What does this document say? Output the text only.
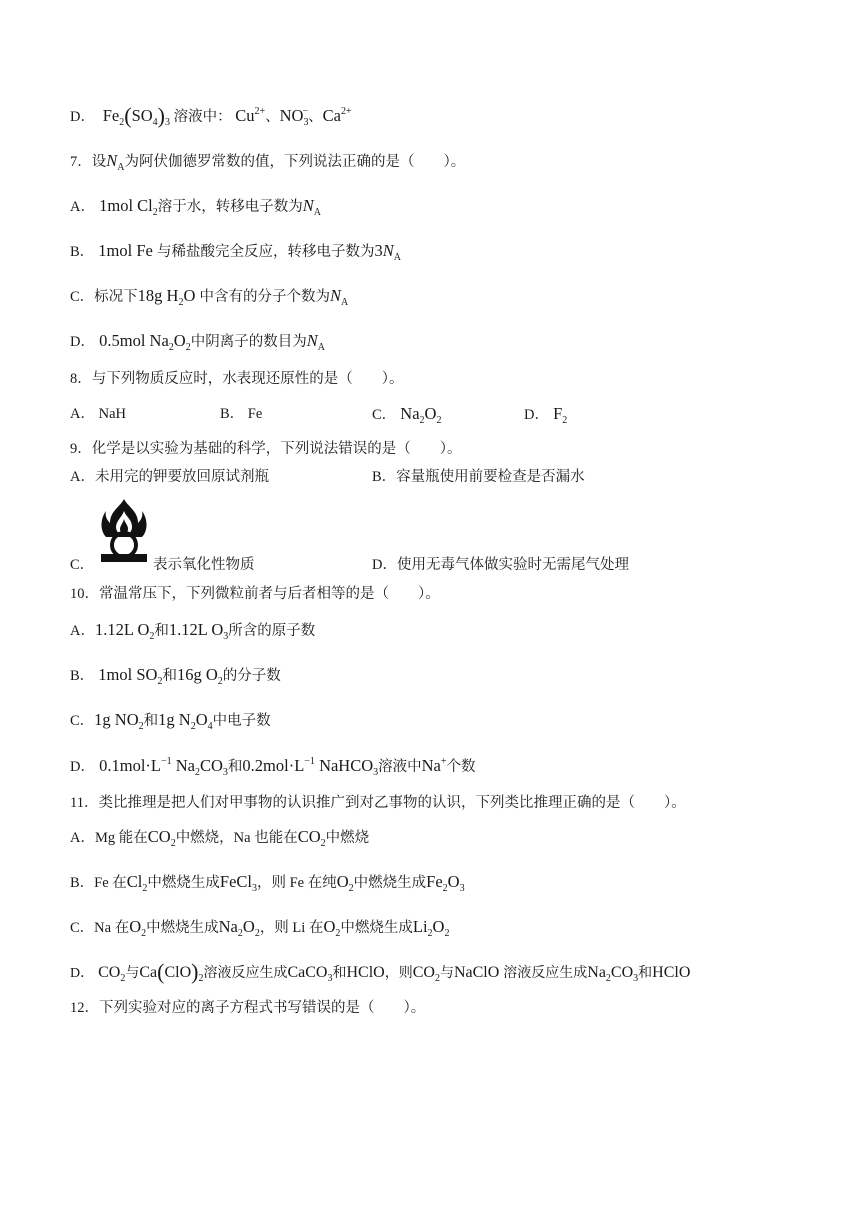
D． $Fe_2(SO_4)_3$ 溶液中： $Cu^{2+}$、$NO_3^-$、$Ca^{2+}$
7．设$N_A$为阿伏伽德罗常数的值，下列说法正确的是（　　）。
A． 1mol $Cl_2$溶于水，转移电子数为$N_A$
B． 1mol Fe 与稀盐酸完全反应，转移电子数为$3N_A$
C．标况下18g $H_2O$ 中含有的分子个数为$N_A$
D． 0.5mol $Na_2O_2$中阴离子的数目为$N_A$
8．与下列物质反应时，水表现还原性的是（　　）。
A． NaH	B． Fe	C． $Na_2O_2$	D． $F_2$
9．化学是以实验为基础的科学，下列说法错误的是（　　）。
A．未用完的钾要放回原试剂瓶	B．容量瓶使用前要检查是否漏水
C．	表示氧化性物质	D．使用无毒气体做实验时无需尾气处理
10．常温常压下，下列微粒前者与后者相等的是（　　）。
A．1.12L $O_2$和1.12L $O_3$所含的原子数
B． 1mol $SO_2$和16g $O_2$的分子数
C．1g $NO_2$和1g $N_2O_4$中电子数
D． $0.1mol\cdot L^{-1}$ $Na_2CO_3$和$0.2mol\cdot L^{-1}$ NaHCO$_3$溶液中Na+个数
11．类比推理是把人们对甲事物的认识推广到对乙事物的认识，下列类比推理正确的是（　　）。
A．Mg 能在$CO_2$中燃烧，Na 也能在$CO_2$中燃烧
B．Fe 在$Cl_2$中燃烧生成FeCl$_3$，则 Fe 在纯$O_2$中燃烧生成$Fe_2O_3$
C．Na 在$O_2$中燃烧生成$Na_2O_2$，则 Li 在$O_2$中燃烧生成$Li_2O_2$
D． $CO_2$与$Ca(ClO)_2$溶液反应生成CaCO$_3$和HClO，则$CO_2$与NaClO 溶液反应生成$Na_2CO_3$和HClO
12．下列实验对应的离子方程式书写错误的是（　　）。
